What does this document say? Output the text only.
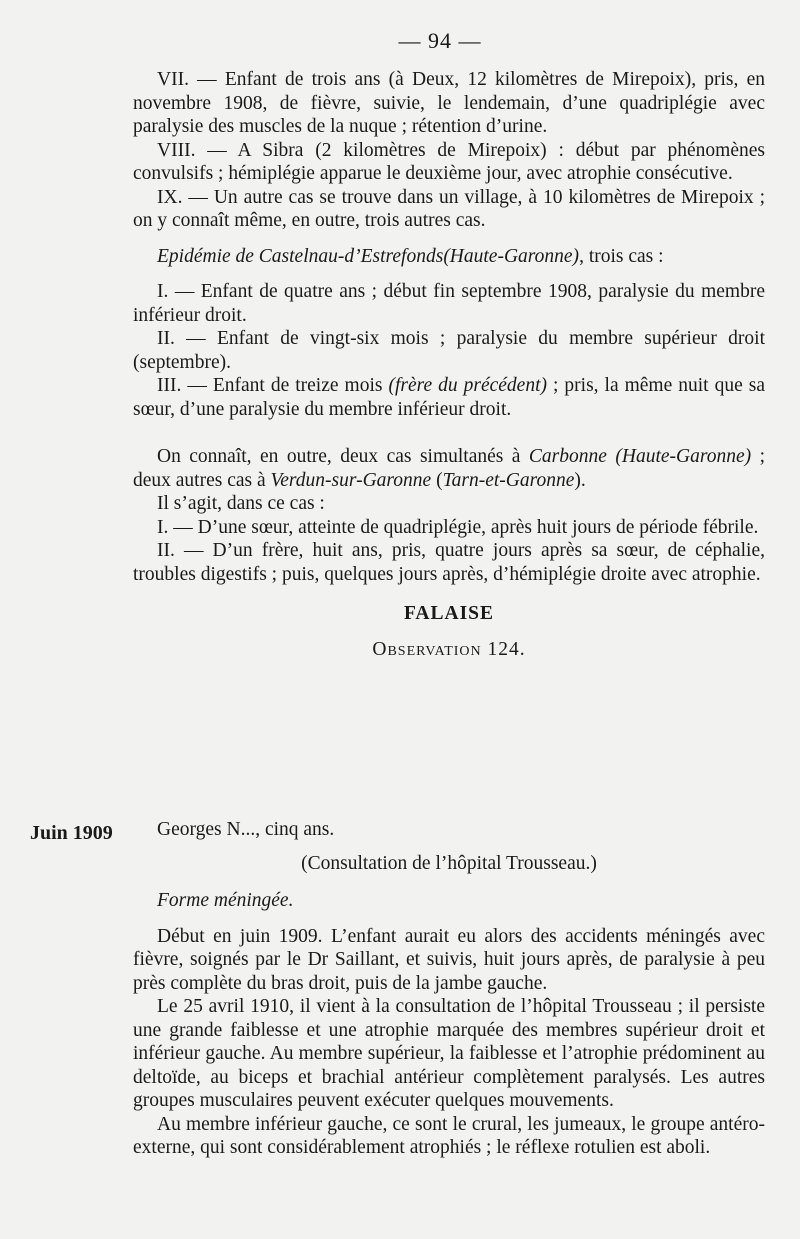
— 94 —

VII. — Enfant de trois ans (à Deux, 12 kilomètres de Mirepoix), pris, en novembre 1908, de fièvre, suivie, le lendemain, d’une quadriplégie avec paralysie des muscles de la nuque ; rétention d’urine.

VIII. — A Sibra (2 kilomètres de Mirepoix) : début par phénomènes convulsifs ; hémiplégie apparue le deuxième jour, avec atrophie consécutive.

IX. — Un autre cas se trouve dans un village, à 10 kilomètres de Mirepoix ; on y connaît même, en outre, trois autres cas.

Epidémie de Castelnau-d’Estrefonds(Haute-Garonne), trois cas :

I. — Enfant de quatre ans ; début fin septembre 1908, paralysie du membre inférieur droit.

II. — Enfant de vingt-six mois ; paralysie du membre supérieur droit (septembre).

III. — Enfant de treize mois (frère du précédent) ; pris, la même nuit que sa sœur, d’une paralysie du membre inférieur droit.

On connaît, en outre, deux cas simultanés à Carbonne (Haute-Garonne) ; deux autres cas à Verdun-sur-Garonne (Tarn-et-Garonne).

Il s’agit, dans ce cas :

I. — D’une sœur, atteinte de quadriplégie, après huit jours de période fébrile.

II. — D’un frère, huit ans, pris, quatre jours après sa sœur, de céphalie, troubles digestifs ; puis, quelques jours après, d’hémiplégie droite avec atrophie.

FALAISE

Observation 124.

Juin 1909	Georges N..., cinq ans.

(Consultation de l’hôpital Trousseau.)

Forme méningée.

Début en juin 1909. L’enfant aurait eu alors des accidents méningés avec fièvre, soignés par le Dr Saillant, et suivis, huit jours après, de paralysie à peu près complète du bras droit, puis de la jambe gauche.

Le 25 avril 1910, il vient à la consultation de l’hôpital Trousseau ; il persiste une grande faiblesse et une atrophie marquée des membres supérieur droit et inférieur gauche. Au membre supérieur, la faiblesse et l’atrophie prédominent au deltoïde, au biceps et brachial antérieur complètement paralysés. Les autres groupes musculaires peuvent exécuter quelques mouvements.

Au membre inférieur gauche, ce sont le crural, les jumeaux, le groupe antéro-externe, qui sont considérablement atrophiés ; le réflexe rotulien est aboli.
